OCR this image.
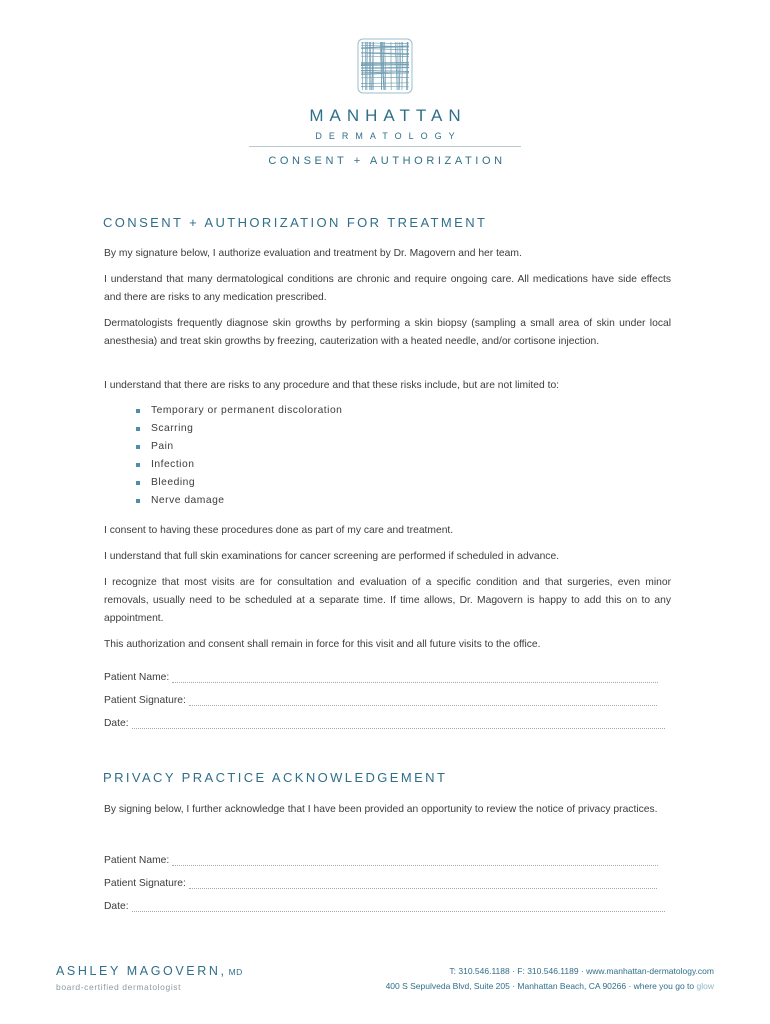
MANHATTAN
DERMATOLOGY
CONSENT + AUTHORIZATION
CONSENT + AUTHORIZATION FOR TREATMENT

By my signature below, I authorize evaluation and treatment by Dr. Magovern and her team.

I understand that many dermatological conditions are chronic and require ongoing care. All medications have side effects and there are risks to any medication prescribed.

Dermatologists frequently diagnose skin growths by performing a skin biopsy (sampling a small area of skin under local anesthesia) and treat skin growths by freezing, cauterization with a heated needle, and/or cortisone injection.

I understand that there are risks to any procedure and that these risks include, but are not limited to:

Temporary or permanent discoloration
Scarring
Pain
Infection
Bleeding
Nerve damage

I consent to having these procedures done as part of my care and treatment.

I understand that full skin examinations for cancer screening are performed if scheduled in advance.

I recognize that most visits are for consultation and evaluation of a specific condition and that surgeries, even minor removals, usually need to be scheduled at a separate time. If time allows, Dr. Magovern is happy to add this on to any appointment.

This authorization and consent shall remain in force for this visit and all future visits to the office.

Patient Name:
Patient Signature:
Date:
PRIVACY PRACTICE ACKNOWLEDGEMENT

By signing below, I further acknowledge that I have been provided an opportunity to review the notice of privacy practices.

Patient Name:
Patient Signature:
Date:
ASHLEY MAGOVERN, MD
board-certified dermatologist
T: 310.546.1188 · F: 310.546.1189 · www.manhattan-dermatology.com
400 S Sepulveda Blvd, Suite 205 · Manhattan Beach, CA 90266 · where you go to glow
